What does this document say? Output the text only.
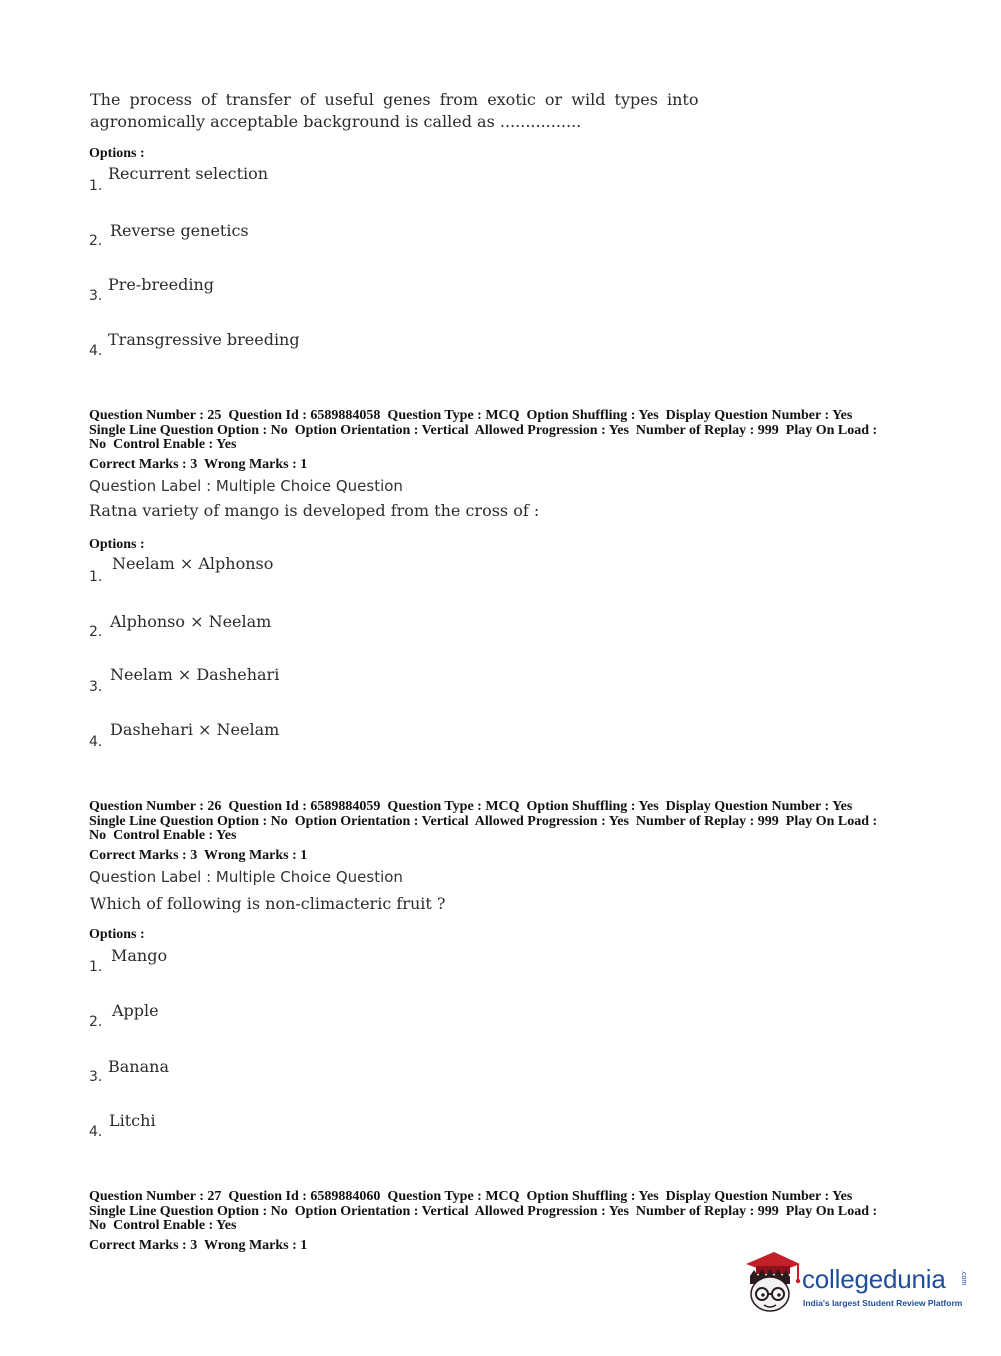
The process of transfer of useful genes from exotic or wild types into
agronomically acceptable background is called as ................
Options :
1.
Recurrent selection
2.
Reverse genetics
3.
Pre-breeding
4.
Transgressive breeding
Question Number : 25  Question Id : 6589884058  Question Type : MCQ  Option Shuffling : Yes  Display Question Number : Yes
Single Line Question Option : No  Option Orientation : Vertical  Allowed Progression : Yes  Number of Replay : 999  Play On Load :
No  Control Enable : Yes
Correct Marks : 3  Wrong Marks : 1
Question Label : Multiple Choice Question
Ratna variety of mango is developed from the cross of :
Options :
1.
Neelam × Alphonso
2.
Alphonso × Neelam
3.
Neelam × Dashehari
4.
Dashehari × Neelam
Question Number : 26  Question Id : 6589884059  Question Type : MCQ  Option Shuffling : Yes  Display Question Number : Yes
Single Line Question Option : No  Option Orientation : Vertical  Allowed Progression : Yes  Number of Replay : 999  Play On Load :
No  Control Enable : Yes
Correct Marks : 3  Wrong Marks : 1
Question Label : Multiple Choice Question
Which of following is non-climacteric fruit ?
Options :
1.
Mango
2.
Apple
3.
Banana
4.
Litchi
Question Number : 27  Question Id : 6589884060  Question Type : MCQ  Option Shuffling : Yes  Display Question Number : Yes
Single Line Question Option : No  Option Orientation : Vertical  Allowed Progression : Yes  Number of Replay : 999  Play On Load :
No  Control Enable : Yes
Correct Marks : 3  Wrong Marks : 1
collegedunia .com
India's largest Student Review Platform
